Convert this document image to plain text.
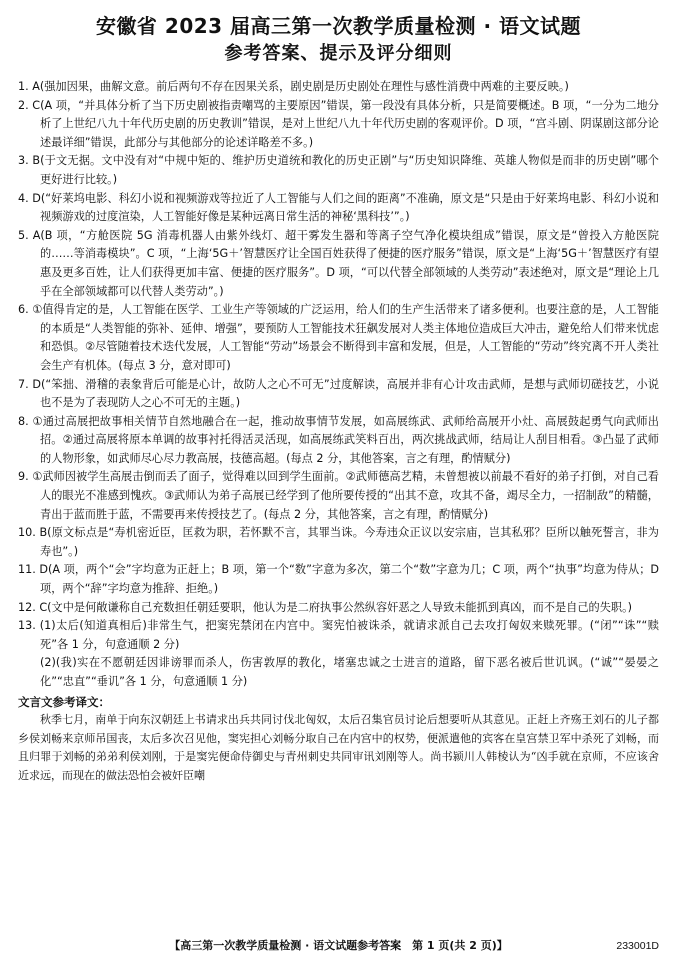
安徽省 2023 届高三第一次教学质量检测 · 语文试题
参考答案、提示及评分细则

1. A(强加因果，曲解文意。前后两句不存在因果关系，剧史剧是历史剧处在理性与感性消费中两难的主要反映。)

2. C(A 项，“并具体分析了当下历史剧被指责嘲骂的主要原因”错误，第一段没有具体分析，只是简要概述。B 项，“一分为二地分析了上世纪八九十年代历史剧的历史教训”错误，是对上世纪八九十年代历史剧的客观评价。D 项，“宫斗剧、阴谋剧这部分论述最详细”错误，此部分与其他部分的论述详略差不多。)

3. B(于文无据。文中没有对“中规中矩的、维护历史道统和教化的历史正剧”与“历史知识降维、英雄人物似是而非的历史剧”哪个更好进行比较。)

4. D(“好莱坞电影、科幻小说和视频游戏等拉近了人工智能与人们之间的距离”不准确，原文是“只是由于好莱坞电影、科幻小说和视频游戏的过度渲染，人工智能好像是某种远离日常生活的神秘‘黑科技’”。)

5. A(B 项，“方舱医院 5G 消毒机器人由紫外线灯、超干雾发生器和等离子空气净化模块组成”错误，原文是“曾投入方舱医院的……等消毒模块”。C 项，“上海‘5G＋’智慧医疗让全国百姓获得了便捷的医疗服务”错误，原文是“上海‘5G＋’智慧医疗有望惠及更多百姓，让人们获得更加丰富、便捷的医疗服务”。D 项，“可以代替全部领域的人类劳动”表述绝对，原文是“理论上几乎在全部领域都可以代替人类劳动”。)

6. ①值得肯定的是，人工智能在医学、工业生产等领域的广泛运用，给人们的生产生活带来了诸多便利。也要注意的是，人工智能的本质是“人类智能的弥补、延伸、增强”，要预防人工智能技术狂飙发展对人类主体地位造成巨大冲击，避免给人们带来忧虑和恐惧。②尽管随着技术迭代发展，人工智能“劳动”场景会不断得到丰富和发展，但是，人工智能的“劳动”终究离不开人类社会生产有机体。(每点 3 分，意对即可)

7. D(“笨拙、滑稽的表象背后可能是心计，故防人之心不可无”过度解读，高展并非有心计攻击武师，是想与武师切磋技艺，小说也不是为了表现防人之心不可无的主题。)

8. ①通过高展把故事相关情节自然地融合在一起，推动故事情节发展，如高展练武、武师给高展开小灶、高展鼓起勇气向武师出招。②通过高展将原本单调的故事衬托得活灵活现，如高展练武笑料百出，两次挑战武师，结局让人刮目相看。③凸显了武师的人物形象，如武师尽心尽力教高展，技德高超。(每点 2 分，其他答案，言之有理，酌情赋分)

9. ①武师因被学生高展击倒而丢了面子，觉得难以回到学生面前。②武师德高艺精，未曾想被以前最不看好的弟子打倒，对自己看人的眼光不准感到愧疚。③武师认为弟子高展已经学到了他所要传授的“出其不意，攻其不备，竭尽全力，一招制敌”的精髓，青出于蓝而胜于蓝，不需要再来传授技艺了。(每点 2 分，其他答案，言之有理，酌情赋分)

10. B(原文标点是“寿机密近臣，匡救为职，若怀默不言，其罪当诛。今寿违众正议以安宗庙，岂其私邪？臣所以触死誓言，非为寿也”。)

11. D(A 项，两个“会”字均意为正赶上；B 项，第一个“数”字意为多次，第二个“数”字意为几；C 项，两个“执事”均意为侍从；D 项，两个“辞”字均意为推辞、拒绝。)

12. C(文中是何敞谦称自己充数担任朝廷要职，他认为是二府执事公然纵容奸恶之人导致未能抓到真凶，而不是自己的失职。)

13. (1)太后(知道真相后)非常生气，把窦宪禁闭在内宫中。窦宪怕被诛杀，就请求派自己去攻打匈奴来赎死罪。(“闭”“诛”“赎死”各 1 分，句意通顺 2 分)

(2)(我)实在不愿朝廷因诽谤罪而杀人，伤害敦厚的教化，堵塞忠诚之士进言的道路，留下恶名被后世讥讽。(“诚”“晏晏之化”“忠直”“垂讥”各 1 分，句意通顺 1 分)

文言文参考译文：

秋季七月，南单于向东汉朝廷上书请求出兵共同讨伐北匈奴，太后召集官员讨论后想要听从其意见。正赶上齐殇王刘石的儿子都乡侯刘畅来京师吊国丧，太后多次召见他，窦宪担心刘畅分取自己在内宫中的权势，便派遣他的宾客在皇宫禁卫军中杀死了刘畅，而且归罪于刘畅的弟弟利侯刘刚，于是窦宪便命侍御史与青州刺史共同审讯刘刚等人。尚书颍川人韩棱认为“凶手就在京师，不应该舍近求远，而现在的做法恐怕会被奸臣嘲

【高三第一次教学质量检测 · 语文试题参考答案　第 1 页(共 2 页)】	233001D
